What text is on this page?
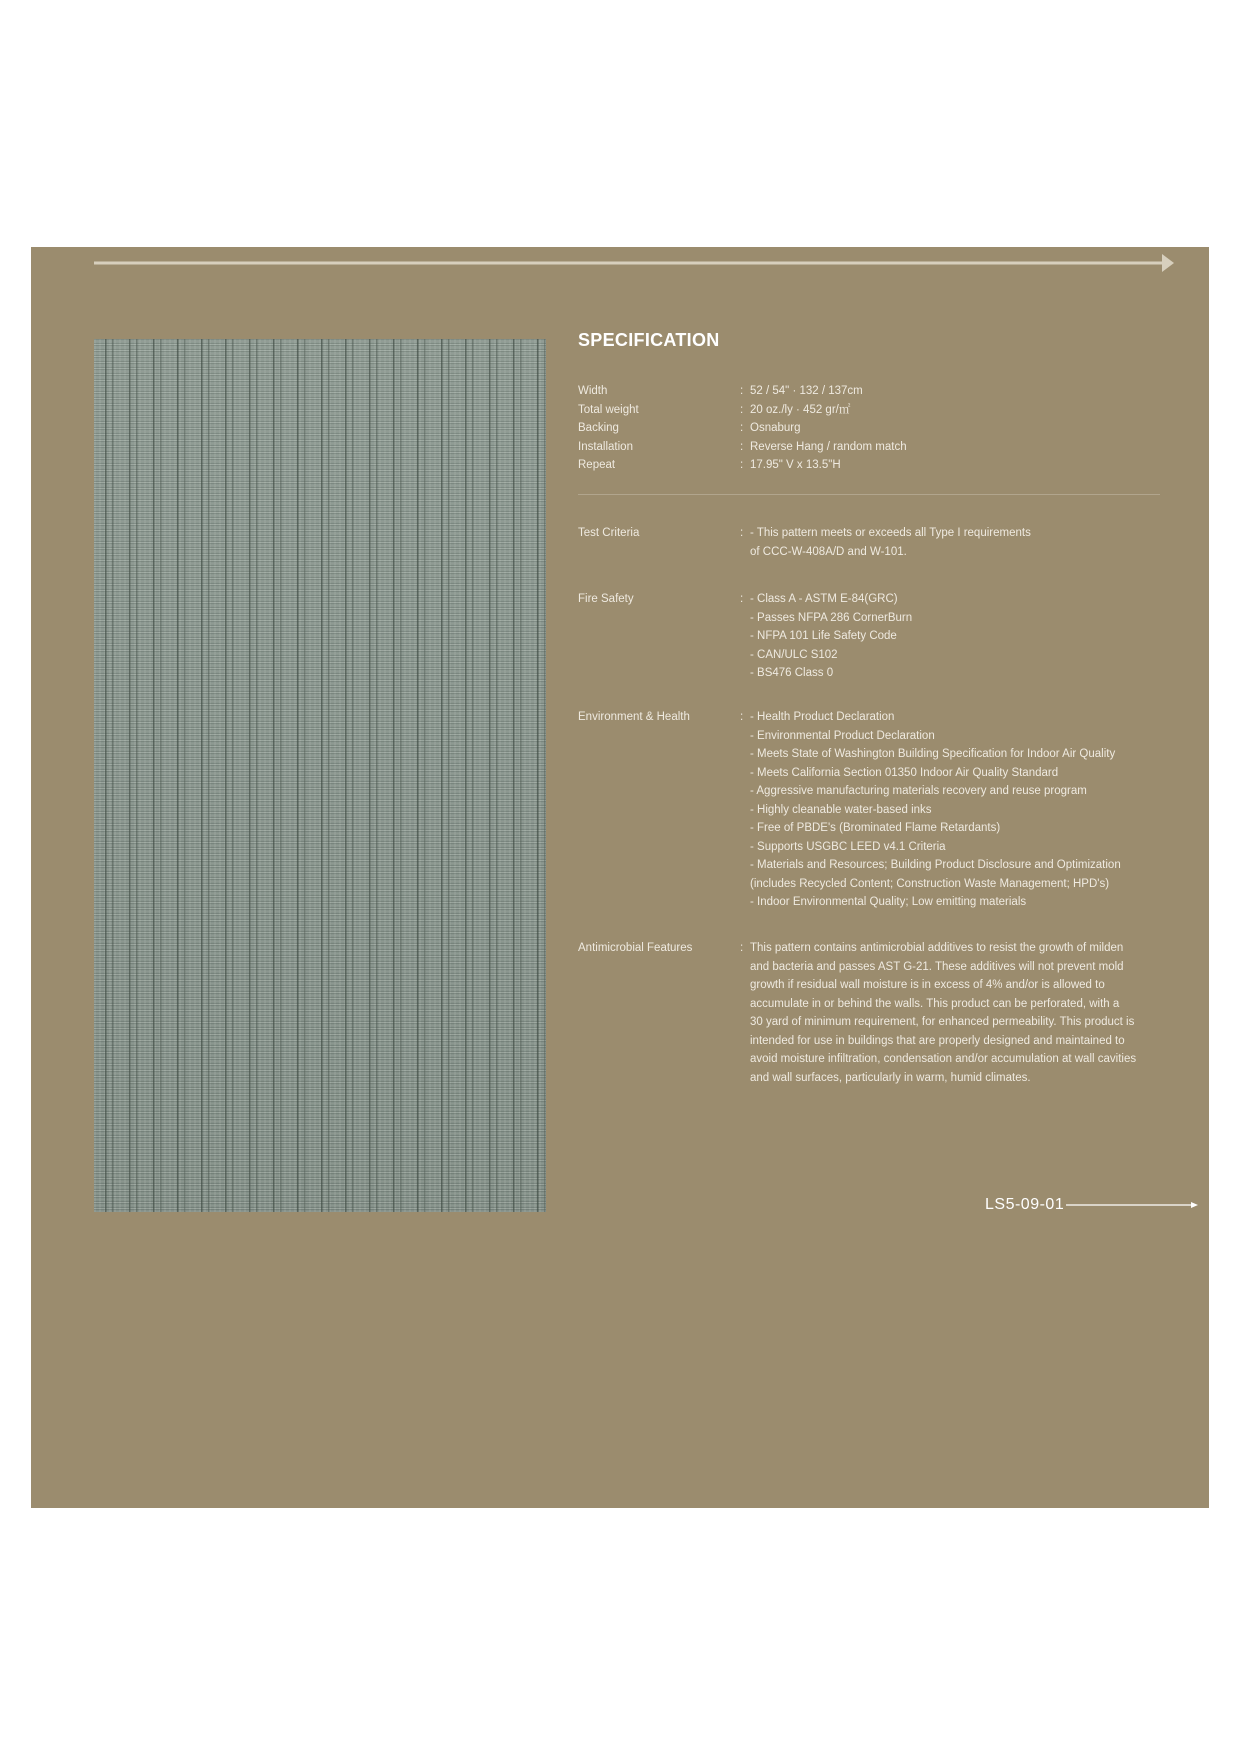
SPECIFICATION
Width	: 52 / 54" · 132 / 137cm
Total weight	: 20 oz./ly · 452 gr/㎡
Backing	: Osnaburg
Installation	: Reverse Hang / random match
Repeat	: 17.95" V x 13.5"H
Test Criteria	: - This pattern meets or exceeds all Type I requirements
of CCC-W-408A/D and W-101.
Fire Safety	: - Class A - ASTM E-84(GRC)
- Passes NFPA 286 CornerBurn
- NFPA 101 Life Safety Code
- CAN/ULC S102
- BS476 Class 0
Environment & Health	: - Health Product Declaration
- Environmental Product Declaration
- Meets State of Washington Building Specification for Indoor Air Quality
- Meets California Section 01350 Indoor Air Quality Standard
- Aggressive manufacturing materials recovery and reuse program
- Highly cleanable water-based inks
- Free of PBDE's (Brominated Flame Retardants)
- Supports USGBC LEED v4.1 Criteria
- Materials and Resources; Building Product Disclosure and Optimization
(includes Recycled Content; Construction Waste Management; HPD's)
- Indoor Environmental Quality; Low emitting materials
Antimicrobial Features	: This pattern contains antimicrobial additives to resist the growth of milden
and bacteria and passes AST G-21. These additives will not prevent mold
growth if residual wall moisture is in excess of 4% and/or is allowed to
accumulate in or behind the walls. This product can be perforated, with a
30 yard of minimum requirement, for enhanced permeability. This product is
intended for use in buildings that are properly designed and maintained to
avoid moisture infiltration, condensation and/or accumulation at wall cavities
and wall surfaces, particularly in warm, humid climates.
LS5-09-01
